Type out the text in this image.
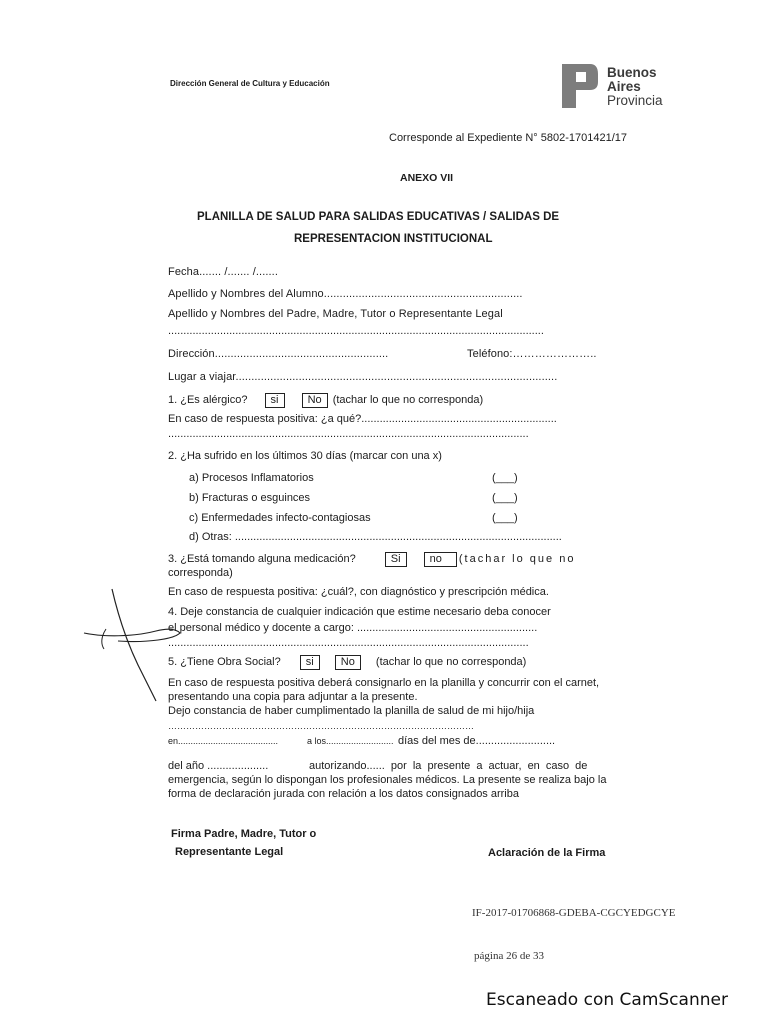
Dirección General de Cultura y Educación
Buenos
Aires
Provincia
Corresponde al Expediente N° 5802-1701421/17
ANEXO VII
PLANILLA DE SALUD PARA SALIDAS EDUCATIVAS / SALIDAS DE
REPRESENTACION INSTITUCIONAL
Fecha....... /....... /.......
Apellido y Nombres del Alumno...............................................................
Apellido y Nombres del Padre, Madre, Tutor o Representante Legal
...........................................................................................................................
Dirección.......................................................	Teléfono:…………………..
Lugar a viajar......................................................................................................
1. ¿Es alérgico? si	No (tachar lo que no corresponda)
En caso de respuesta positiva: ¿a qué?................................................................
......................................................................................................................
2. ¿Ha sufrido en los últimos 30 días (marcar con una x)
a) Procesos Inflamatorios	(___)
b) Fracturas o esguinces	(___)
c) Enfermedades infecto-contagiosas	(___)
d) Otras: ...........................................................................................................
3. ¿Está tomando alguna medicación?	Si	no (tachar lo que no
corresponda)
En caso de respuesta positiva: ¿cuál?, con diagnóstico y prescripción médica.
4. Deje constancia de cualquier indicación que estime necesario deba conocer
el personal médico y docente a cargo: ...........................................................
......................................................................................................................
5. ¿Tiene Obra Social? si No (tachar lo que no corresponda)
En caso de respuesta positiva deberá consignarlo en la planilla y concurrir con el carnet,
presentando una copia para adjuntar a la presente.
Dejo constancia de haber cumplimentado la planilla de salud de mi hijo/hija
…………………………………………………………………………………………
en........................................	a los........................... días del mes de..........................
del año ....................	autorizando...... por la presente a actuar, en caso de
emergencia, según lo dispongan los profesionales médicos. La presente se realiza bajo la
forma de declaración jurada con relación a los datos consignados arriba
Firma Padre, Madre, Tutor o
Representante Legal	Aclaración de la Firma
IF-2017-01706868-GDEBA-CGCYEDGCYE
página 26 de 33
Escaneado con CamScanner
